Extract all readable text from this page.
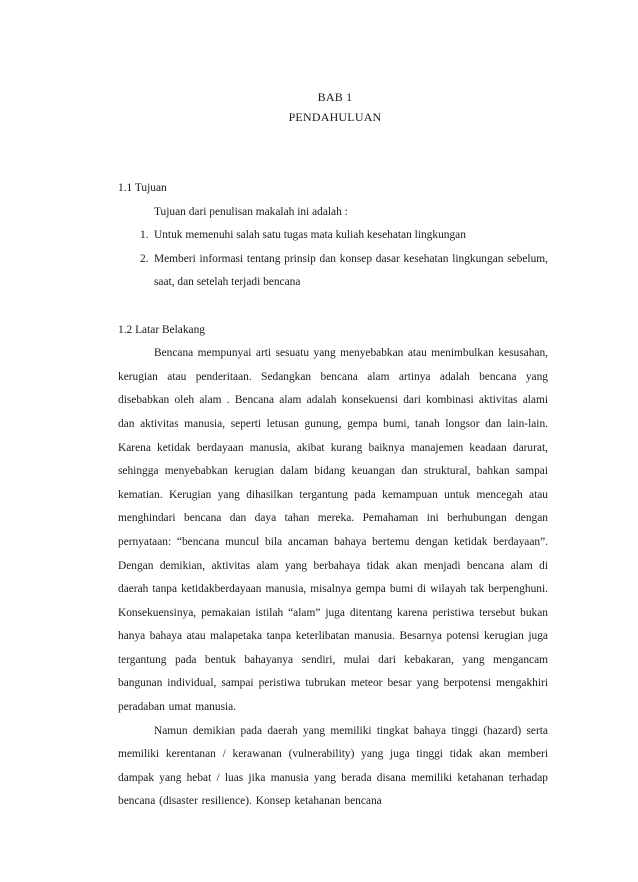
BAB 1
PENDAHULUAN

1.1 Tujuan

Tujuan dari penulisan makalah ini adalah :

1. Untuk memenuhi salah satu tugas mata kuliah kesehatan lingkungan
2. Memberi informasi tentang prinsip dan konsep dasar kesehatan lingkungan sebelum, saat, dan setelah terjadi bencana

1.2 Latar Belakang

Bencana mempunyai arti sesuatu yang menyebabkan atau menimbulkan kesusahan, kerugian atau penderitaan. Sedangkan bencana alam artinya adalah bencana yang disebabkan oleh alam . Bencana alam adalah konsekuensi dari kombinasi aktivitas alami dan aktivitas manusia, seperti letusan gunung, gempa bumi, tanah longsor dan lain-lain. Karena ketidak berdayaan manusia, akibat kurang baiknya manajemen keadaan darurat, sehingga menyebabkan kerugian dalam bidang keuangan dan struktural, bahkan sampai kematian. Kerugian yang dihasilkan tergantung pada kemampuan untuk mencegah atau menghindari bencana dan daya tahan mereka. Pemahaman ini berhubungan dengan pernyataan: “bencana muncul bila ancaman bahaya bertemu dengan ketidak berdayaan”. Dengan demikian, aktivitas alam yang berbahaya tidak akan menjadi bencana alam di daerah tanpa ketidakberdayaan manusia, misalnya gempa bumi di wilayah tak berpenghuni. Konsekuensinya, pemakaian istilah “alam” juga ditentang karena peristiwa tersebut bukan hanya bahaya atau malapetaka tanpa keterlibatan manusia. Besarnya potensi kerugian juga tergantung pada bentuk bahayanya sendiri, mulai dari kebakaran, yang mengancam bangunan individual, sampai peristiwa tubrukan meteor besar yang berpotensi mengakhiri peradaban umat manusia.

Namun demikian pada daerah yang memiliki tingkat bahaya tinggi (hazard) serta memiliki kerentanan / kerawanan (vulnerability) yang juga tinggi tidak akan memberi dampak yang hebat / luas jika manusia yang berada disana memiliki ketahanan terhadap bencana (disaster resilience). Konsep ketahanan bencana
